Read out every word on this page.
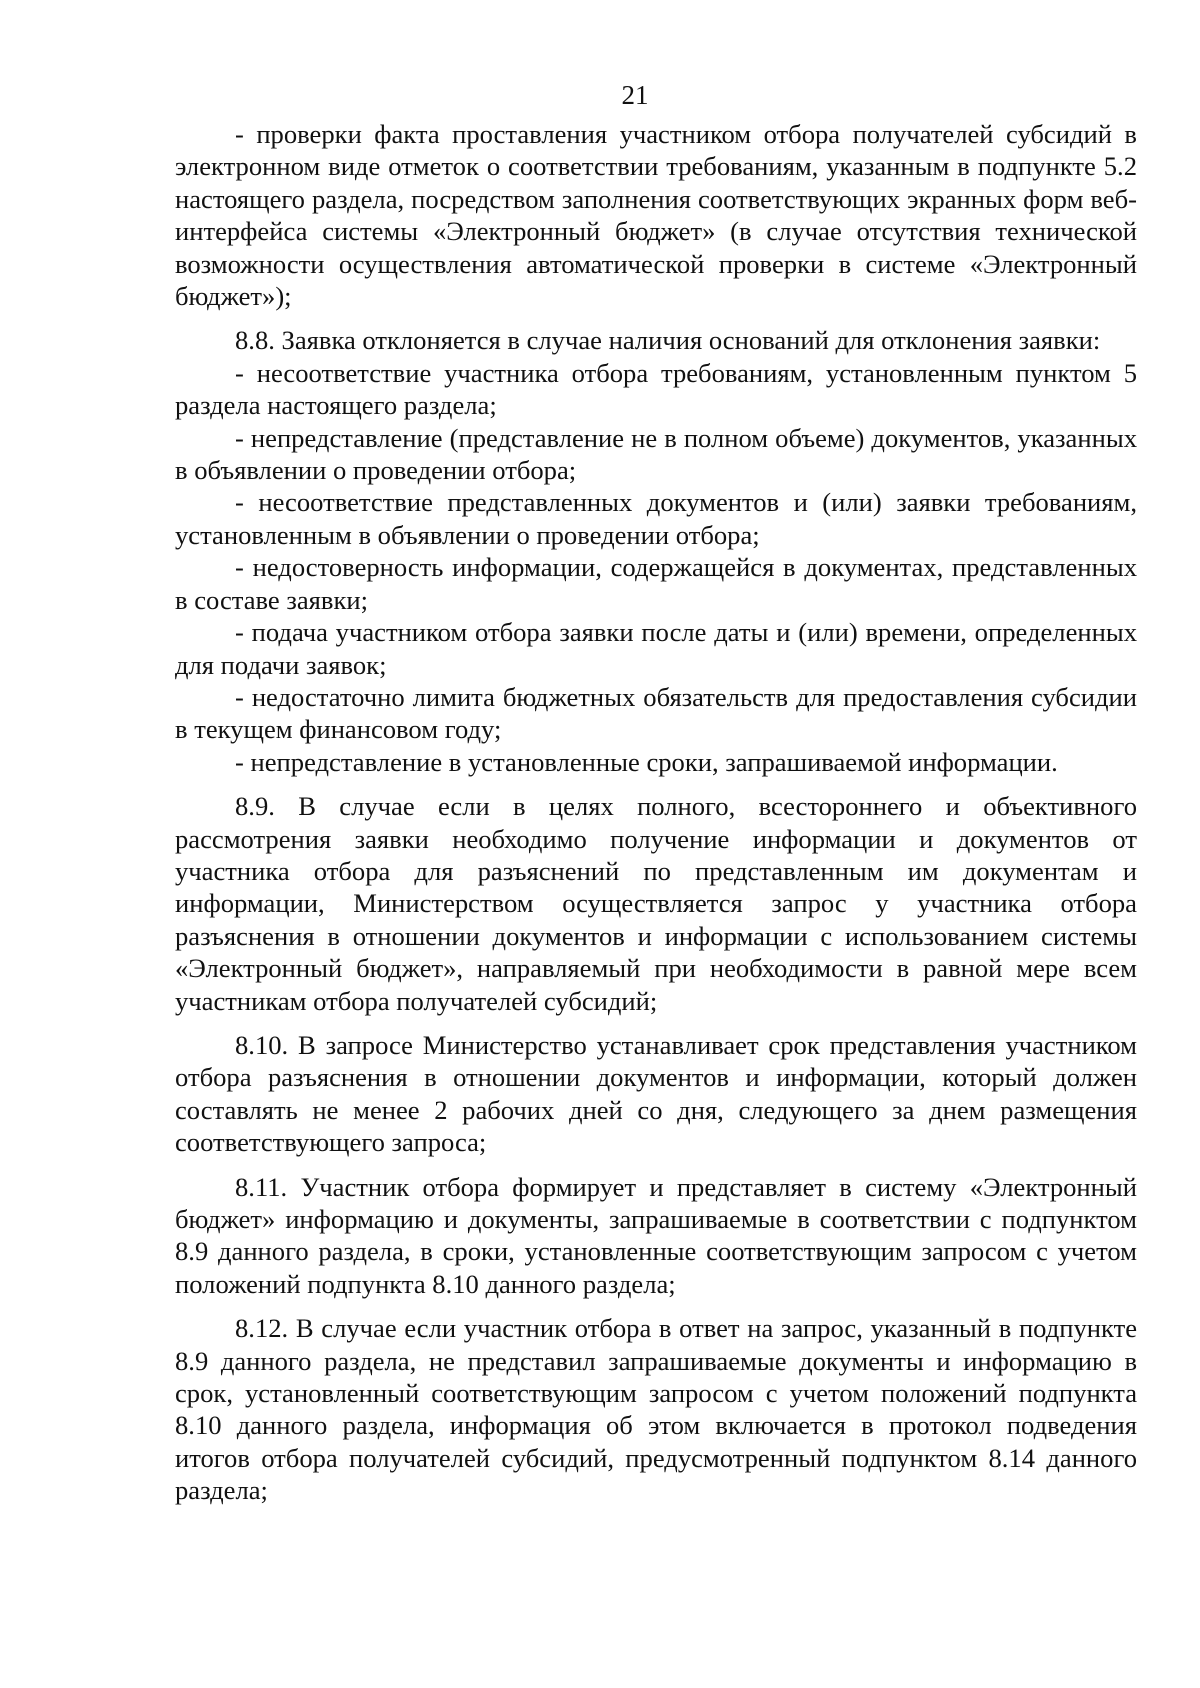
21

- проверки факта проставления участником отбора получателей субсидий в электронном виде отметок о соответствии требованиям, указанным в подпункте 5.2 настоящего раздела, посредством заполнения соответствующих экранных форм веб-интерфейса системы «Электронный бюджет» (в случае отсутствия технической возможности осуществления автоматической проверки в системе «Электронный бюджет»);

8.8. Заявка отклоняется в случае наличия оснований для отклонения заявки:

- несоответствие участника отбора требованиям, установленным пунктом 5 раздела настоящего раздела;

- непредставление (представление не в полном объеме) документов, указанных в объявлении о проведении отбора;

- несоответствие представленных документов и (или) заявки требованиям, установленным в объявлении о проведении отбора;

- недостоверность информации, содержащейся в документах, представленных в составе заявки;

- подача участником отбора заявки после даты и (или) времени, определенных для подачи заявок;

- недостаточно лимита бюджетных обязательств для предоставления субсидии в текущем финансовом году;

- непредставление в установленные сроки, запрашиваемой информации.

8.9. В случае если в целях полного, всестороннего и объективного рассмотрения заявки необходимо получение информации и документов от участника отбора для разъяснений по представленным им документам и информации, Министерством осуществляется запрос у участника отбора разъяснения в отношении документов и информации с использованием системы «Электронный бюджет», направляемый при необходимости в равной мере всем участникам отбора получателей субсидий;

8.10. В запросе Министерство устанавливает срок представления участником отбора разъяснения в отношении документов и информации, который должен составлять не менее 2 рабочих дней со дня, следующего за днем размещения соответствующего запроса;

8.11. Участник отбора формирует и представляет в систему «Электронный бюджет» информацию и документы, запрашиваемые в соответствии с подпунктом 8.9 данного раздела, в сроки, установленные соответствующим запросом с учетом положений подпункта 8.10 данного раздела;

8.12. В случае если участник отбора в ответ на запрос, указанный в подпункте 8.9 данного раздела, не представил запрашиваемые документы и информацию в срок, установленный соответствующим запросом с учетом положений подпункта 8.10 данного раздела, информация об этом включается в протокол подведения итогов отбора получателей субсидий, предусмотренный подпунктом 8.14 данного раздела;
